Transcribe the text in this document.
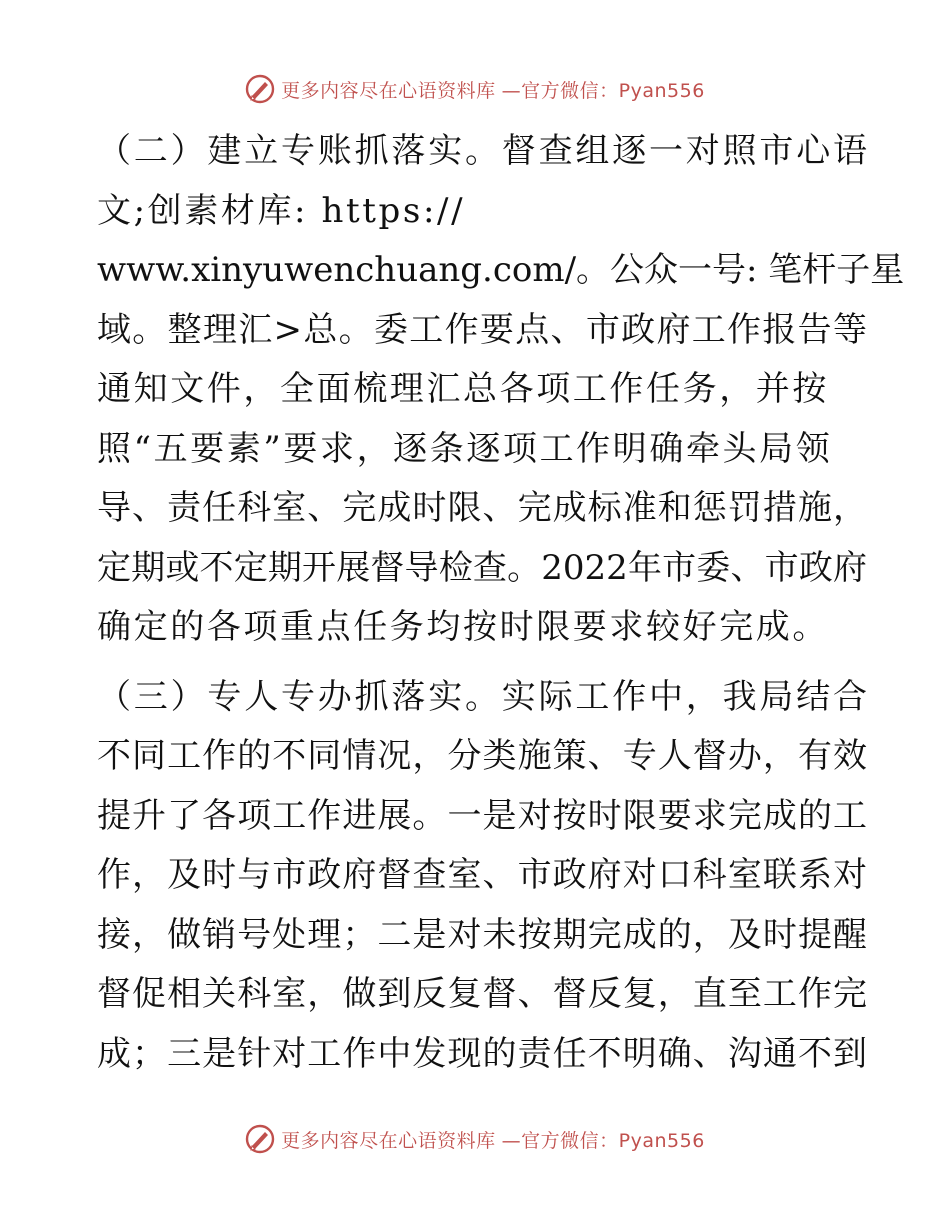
更多内容尽在心语资料库 —官方微信：Pyan556
（二）建立专账抓落实。督查组逐一对照市心语
文;创素材库: https://
www.xinyuwenchuang.com/。公众一号: 笔杆子星
域。整理汇>总。委工作要点、市政府工作报告等
通知文件，全面梳理汇总各项工作任务，并按
照“五要素”要求，逐条逐项工作明确牵头局领
导、责任科室、完成时限、完成标准和惩罚措施，
定期或不定期开展督导检查。2022年市委、市政府
确定的各项重点任务均按时限要求较好完成。
（三）专人专办抓落实。实际工作中，我局结合
不同工作的不同情况，分类施策、专人督办，有效
提升了各项工作进展。一是对按时限要求完成的工
作，及时与市政府督查室、市政府对口科室联系对
接，做销号处理；二是对未按期完成的，及时提醒
督促相关科室，做到反复督、督反复，直至工作完
成；三是针对工作中发现的责任不明确、沟通不到
更多内容尽在心语资料库 —官方微信：Pyan556
